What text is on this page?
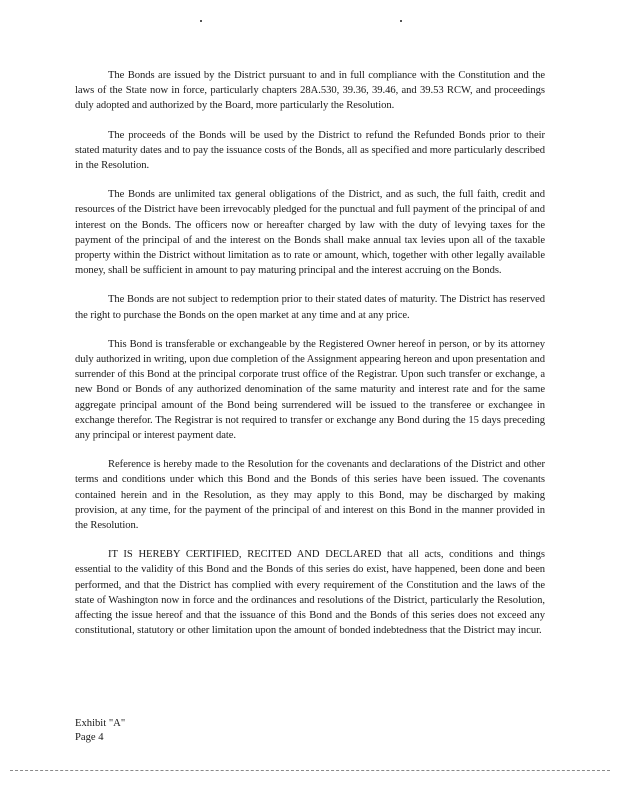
The Bonds are issued by the District pursuant to and in full compliance with the Constitution and the laws of the State now in force, particularly chapters 28A.530, 39.36, 39.46, and 39.53 RCW, and proceedings duly adopted and authorized by the Board, more particularly the Resolution.

The proceeds of the Bonds will be used by the District to refund the Refunded Bonds prior to their stated maturity dates and to pay the issuance costs of the Bonds, all as specified and more particularly described in the Resolution.

The Bonds are unlimited tax general obligations of the District, and as such, the full faith, credit and resources of the District have been irrevocably pledged for the punctual and full payment of the principal of and interest on the Bonds. The officers now or hereafter charged by law with the duty of levying taxes for the payment of the principal of and the interest on the Bonds shall make annual tax levies upon all of the taxable property within the District without limitation as to rate or amount, which, together with other legally available money, shall be sufficient in amount to pay maturing principal and the interest accruing on the Bonds.

The Bonds are not subject to redemption prior to their stated dates of maturity. The District has reserved the right to purchase the Bonds on the open market at any time and at any price.

This Bond is transferable or exchangeable by the Registered Owner hereof in person, or by its attorney duly authorized in writing, upon due completion of the Assignment appearing hereon and upon presentation and surrender of this Bond at the principal corporate trust office of the Registrar. Upon such transfer or exchange, a new Bond or Bonds of any authorized denomination of the same maturity and interest rate and for the same aggregate principal amount of the Bond being surrendered will be issued to the transferee or exchangee in exchange therefor. The Registrar is not required to transfer or exchange any Bond during the 15 days preceding any principal or interest payment date.

Reference is hereby made to the Resolution for the covenants and declarations of the District and other terms and conditions under which this Bond and the Bonds of this series have been issued. The covenants contained herein and in the Resolution, as they may apply to this Bond, may be discharged by making provision, at any time, for the payment of the principal of and interest on this Bond in the manner provided in the Resolution.

IT IS HEREBY CERTIFIED, RECITED AND DECLARED that all acts, conditions and things essential to the validity of this Bond and the Bonds of this series do exist, have happened, been done and been performed, and that the District has complied with every requirement of the Constitution and the laws of the state of Washington now in force and the ordinances and resolutions of the District, particularly the Resolution, affecting the issue hereof and that the issuance of this Bond and the Bonds of this series does not exceed any constitutional, statutory or other limitation upon the amount of bonded indebtedness that the District may incur.

Exhibit "A"
Page 4
